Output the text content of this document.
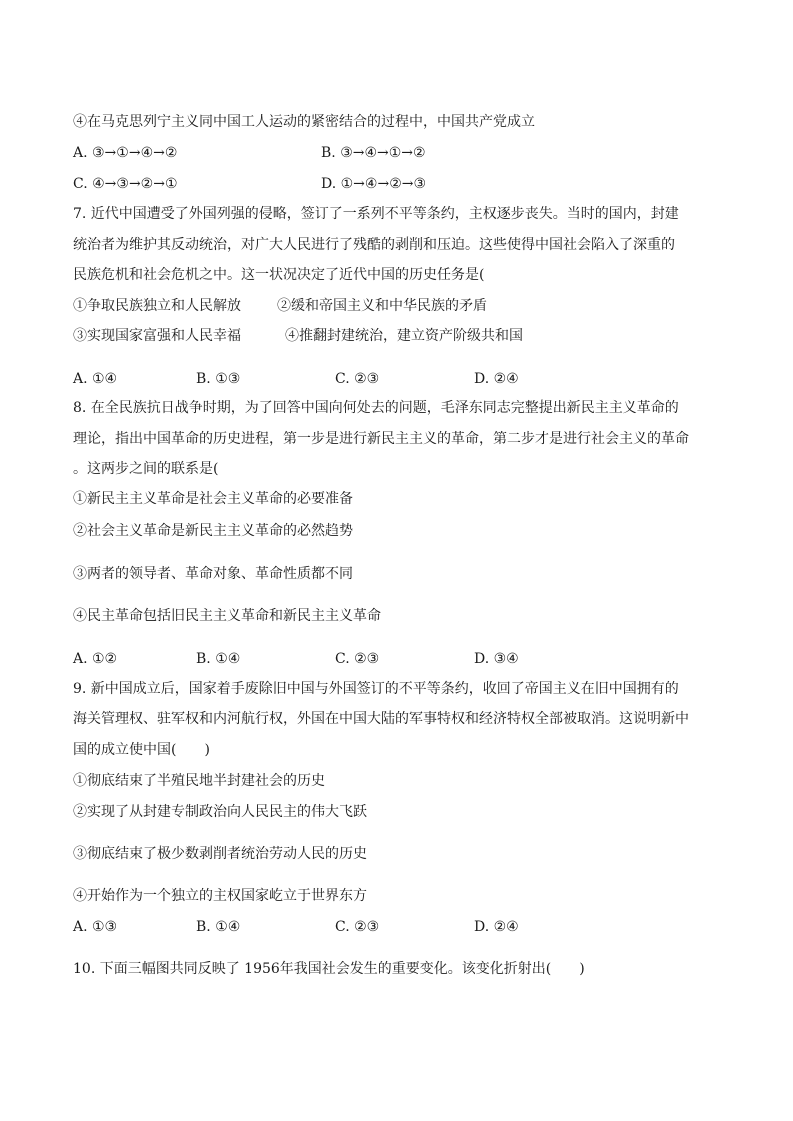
④在马克思列宁主义同中国工人运动的紧密结合的过程中，中国共产党成立
A. ③→①→④→②	B. ③→④→①→②
C. ④→③→②→①	D. ①→④→②→③
7. 近代中国遭受了外国列强的侵略，签订了一系列不平等条约，主权逐步丧失。当时的国内，封建
统治者为维护其反动统治，对广大人民进行了残酷的剥削和压迫。这些使得中国社会陷入了深重的
民族危机和社会危机之中。这一状况决定了近代中国的历史任务是(
①争取民族独立和人民解放	②缓和帝国主义和中华民族的矛盾
③实现国家富强和人民幸福	④推翻封建统治，建立资产阶级共和国
A. ①④	B. ①③	C. ②③	D. ②④
8. 在全民族抗日战争时期，为了回答中国向何处去的问题，毛泽东同志完整提出新民主主义革命的
理论，指出中国革命的历史进程，第一步是进行新民主主义的革命，第二步才是进行社会主义的革命
。这两步之间的联系是(
①新民主主义革命是社会主义革命的必要准备
②社会主义革命是新民主主义革命的必然趋势
③两者的领导者、革命对象、革命性质都不同
④民主革命包括旧民主主义革命和新民主主义革命
A. ①②	B. ①④	C. ②③	D. ③④
9. 新中国成立后，国家着手废除旧中国与外国签订的不平等条约，收回了帝国主义在旧中国拥有的
海关管理权、驻军权和内河航行权，外国在中国大陆的军事特权和经济特权全部被取消。这说明新中
国的成立使中国(　　)
①彻底结束了半殖民地半封建社会的历史
②实现了从封建专制政治向人民民主的伟大飞跃
③彻底结束了极少数剥削者统治劳动人民的历史
④开始作为一个独立的主权国家屹立于世界东方
A. ①③	B. ①④	C. ②③	D. ②④
10. 下面三幅图共同反映了 1956年我国社会发生的重要变化。该变化折射出(　　)
